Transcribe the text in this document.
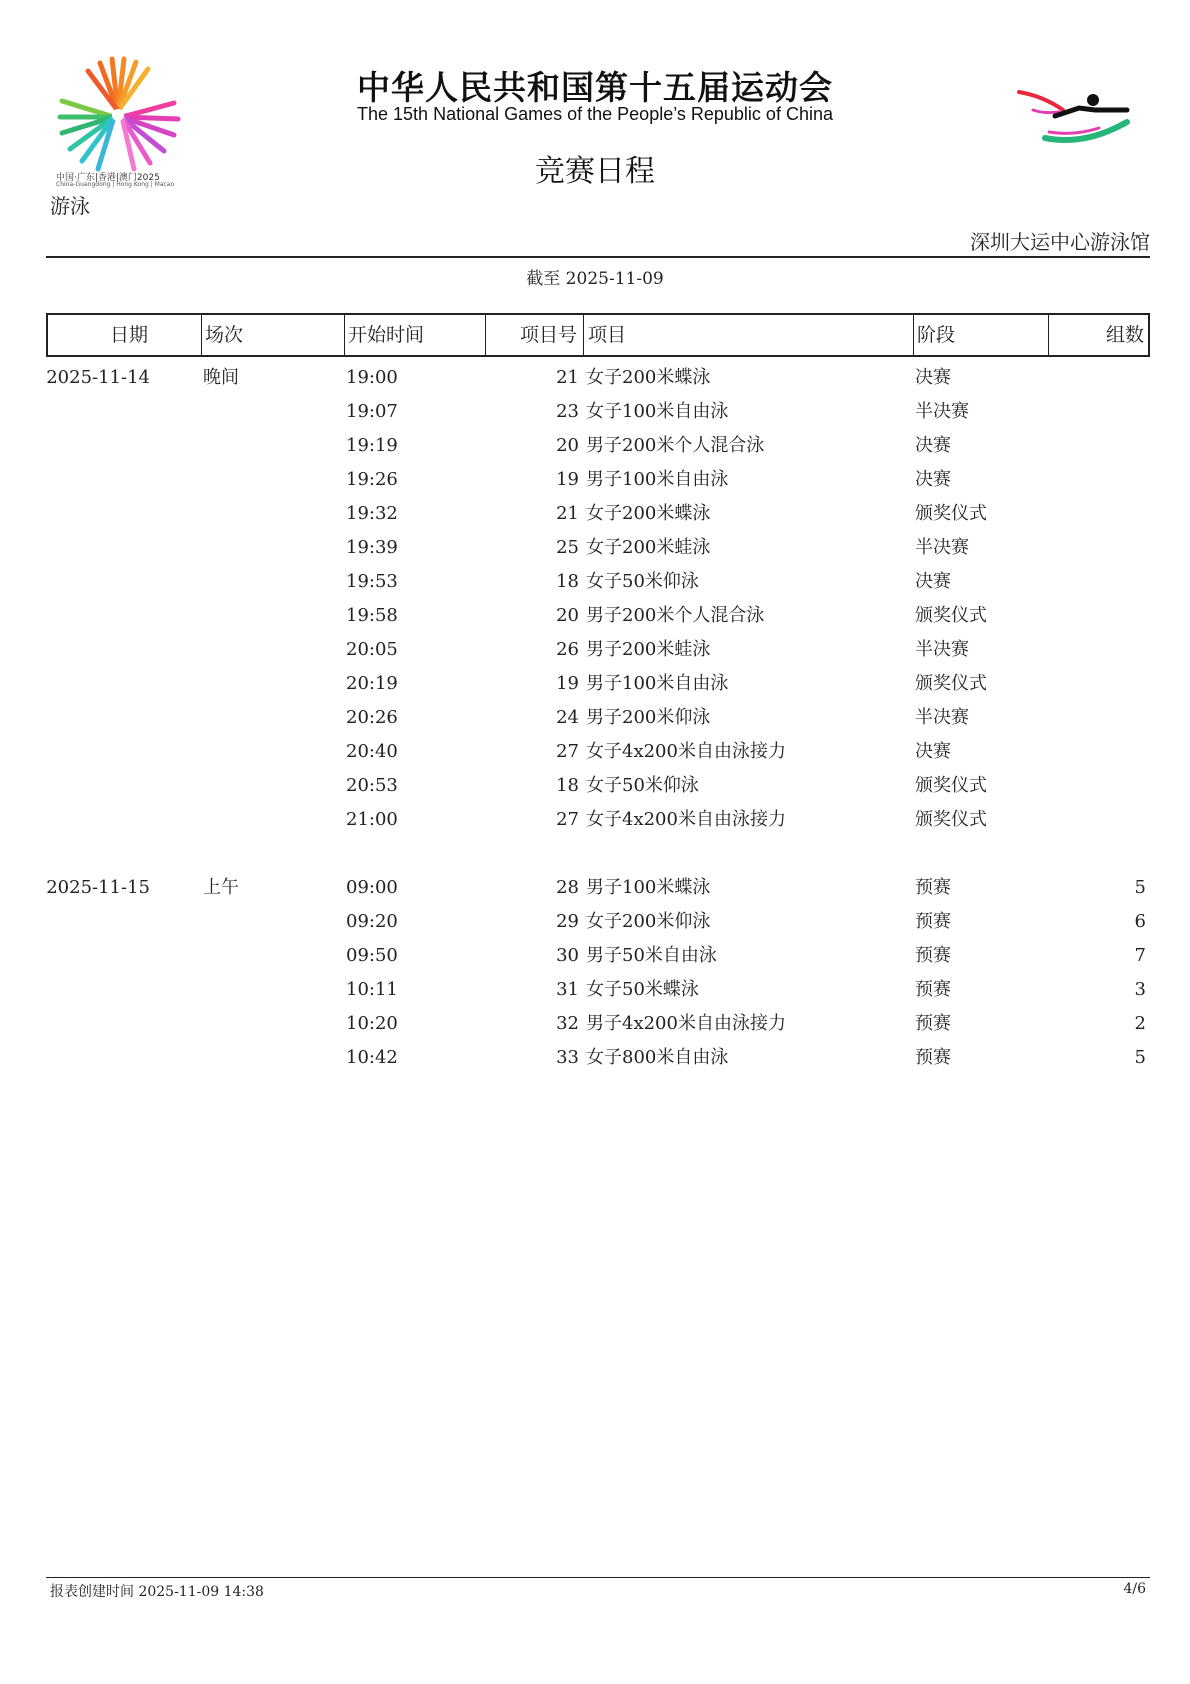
中国·广东|香港|澳门2025
China-Guangdong | Hong Kong | Macao
游泳
中华人民共和国第十五届运动会
The 15th National Games of the People’s Republic of China
竞赛日程
深圳大运中心游泳馆
截至 2025-11-09
日期	场次	开始时间	项目号 项目	阶段	组数
2025-11-14	晚间	19:00	21 女子200米蝶泳	决赛
19:07	23 女子100米自由泳	半决赛
19:19	20 男子200米个人混合泳	决赛
19:26	19 男子100米自由泳	决赛
19:32	21 女子200米蝶泳	颁奖仪式
19:39	25 女子200米蛙泳	半决赛
19:53	18 女子50米仰泳	决赛
19:58	20 男子200米个人混合泳	颁奖仪式
20:05	26 男子200米蛙泳	半决赛
20:19	19 男子100米自由泳	颁奖仪式
20:26	24 男子200米仰泳	半决赛
20:40	27 女子4x200米自由泳接力	决赛
20:53	18 女子50米仰泳	颁奖仪式
21:00	27 女子4x200米自由泳接力	颁奖仪式
2025-11-15	上午	09:00	28 男子100米蝶泳	预赛	5
09:20	29 女子200米仰泳	预赛	6
09:50	30 男子50米自由泳	预赛	7
10:11	31 女子50米蝶泳	预赛	3
10:20	32 男子4x200米自由泳接力	预赛	2
10:42	33 女子800米自由泳	预赛	5
报表创建时间 2025-11-09 14:38	4/6
